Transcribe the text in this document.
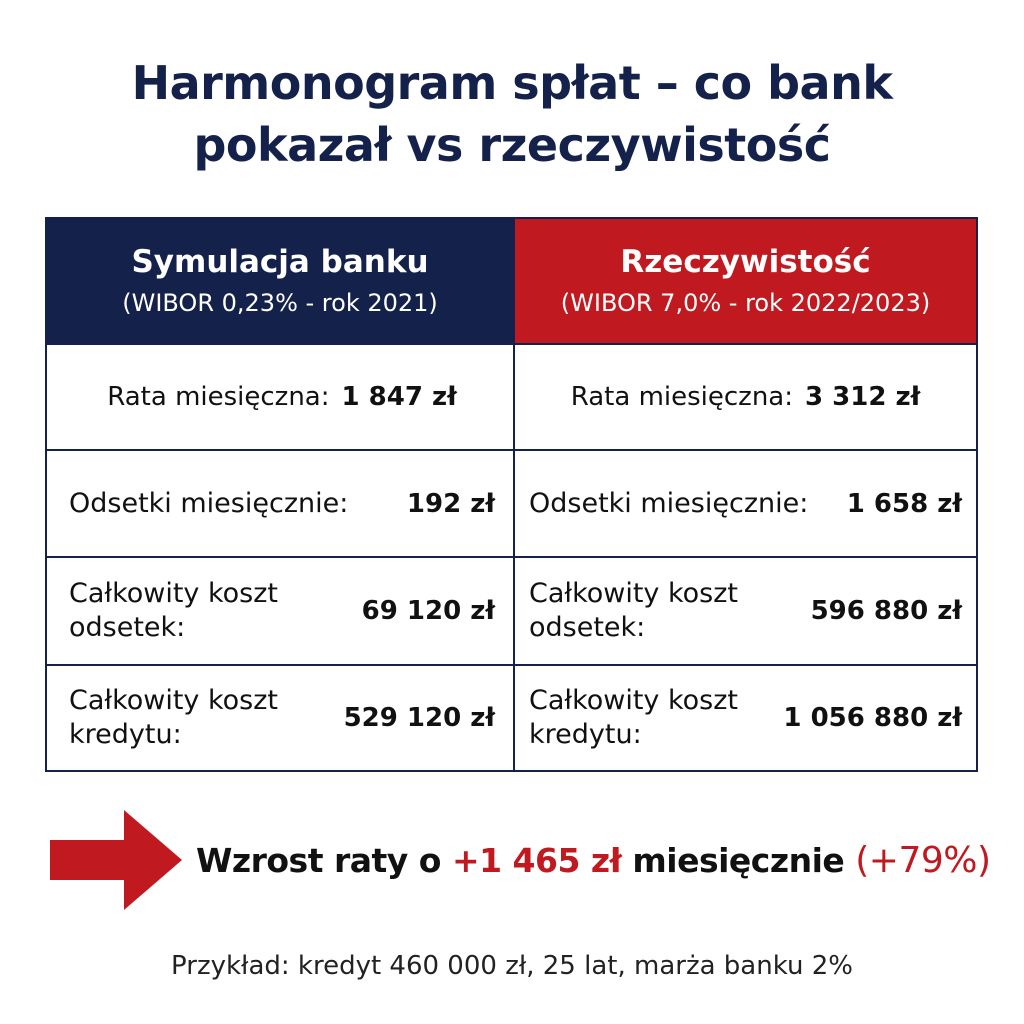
Harmonogram spłat – co bank
pokazał vs rzeczywistość
Symulacja banku
(WIBOR 0,23% - rok 2021)
Rzeczywistość
(WIBOR 7,0% - rok 2022/2023)
Rata miesięczna: 1 847 zł	Rata miesięczna: 3 312 zł
Odsetki miesięcznie: 192 zł Odsetki miesięcznie: 1 658 zł
Całkowity koszt odsetek:
69 120 zł
Całkowity koszt odsetek:
596 880 zł
Całkowity koszt kredytu:
529 120 zł
Całkowity koszt kredytu:
1 056 880 zł
Wzrost raty o +1 465 zł miesięcznie (+79%)
Przykład: kredyt 460 000 zł, 25 lat, marża banku 2%
